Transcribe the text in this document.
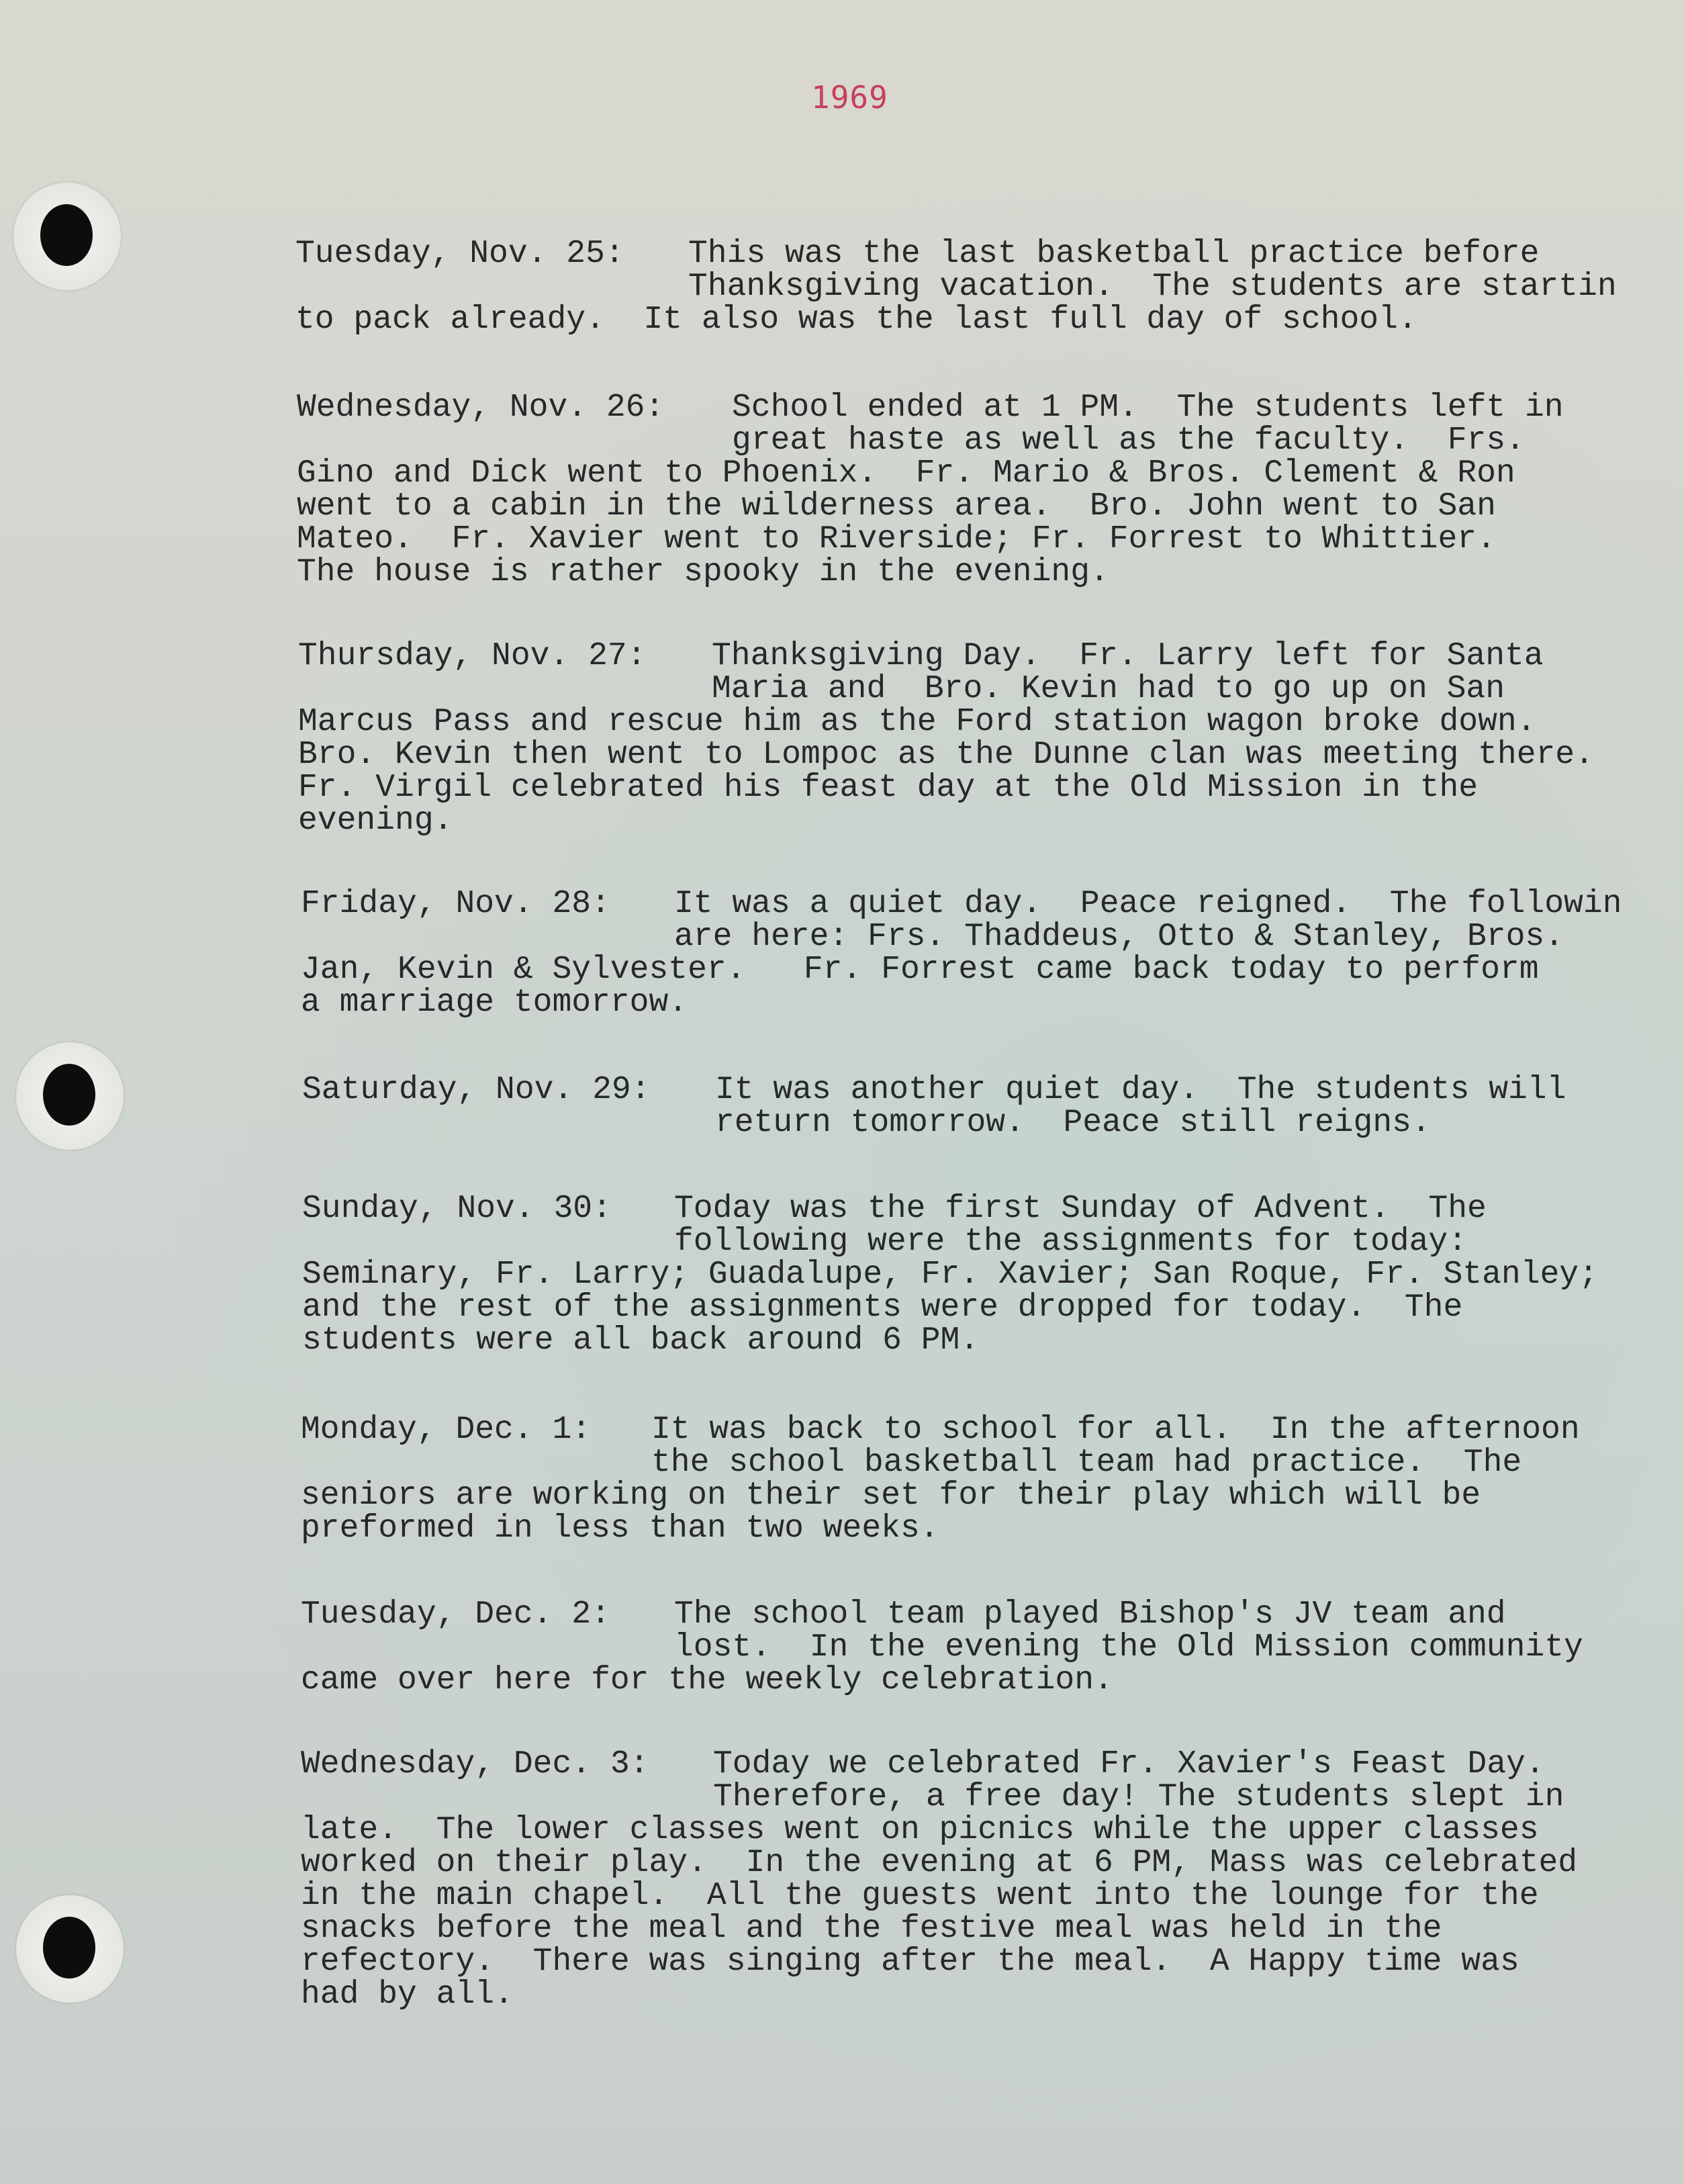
1969
Tuesday, Nov. 25: This was the last basketball practice before
Thanksgiving vacation.  The students are startin
to pack already.  It also was the last full day of school.
Wednesday, Nov. 26: School ended at 1 PM.  The students left in
great haste as well as the faculty.  Frs.
Gino and Dick went to Phoenix.  Fr. Mario & Bros. Clement & Ron
went to a cabin in the wilderness area.  Bro. John went to San
Mateo.  Fr. Xavier went to Riverside; Fr. Forrest to Whittier.
The house is rather spooky in the evening.
Thursday, Nov. 27: Thanksgiving Day.  Fr. Larry left for Santa
Maria and  Bro. Kevin had to go up on San
Marcus Pass and rescue him as the Ford station wagon broke down.
Bro. Kevin then went to Lompoc as the Dunne clan was meeting there.
Fr. Virgil celebrated his feast day at the Old Mission in the
evening.
Friday, Nov. 28: It was a quiet day.  Peace reigned.  The followin
are here: Frs. Thaddeus, Otto & Stanley, Bros.
Jan, Kevin & Sylvester.   Fr. Forrest came back today to perform
a marriage tomorrow.
Saturday, Nov. 29: It was another quiet day.  The students will
return tomorrow.  Peace still reigns.
Sunday, Nov. 30: Today was the first Sunday of Advent.  The
following were the assignments for today:
Seminary, Fr. Larry; Guadalupe, Fr. Xavier; San Roque, Fr. Stanley;
and the rest of the assignments were dropped for today.  The
students were all back around 6 PM.
Monday, Dec. 1: It was back to school for all.  In the afternoon
the school basketball team had practice.  The
seniors are working on their set for their play which will be
preformed in less than two weeks.
Tuesday, Dec. 2: The school team played Bishop's JV team and
lost.  In the evening the Old Mission community
came over here for the weekly celebration.
Wednesday, Dec. 3: Today we celebrated Fr. Xavier's Feast Day.
Therefore, a free day! The students slept in
late.  The lower classes went on picnics while the upper classes
worked on their play.  In the evening at 6 PM, Mass was celebrated
in the main chapel.  All the guests went into the lounge for the
snacks before the meal and the festive meal was held in the
refectory.  There was singing after the meal.  A Happy time was
had by all.
